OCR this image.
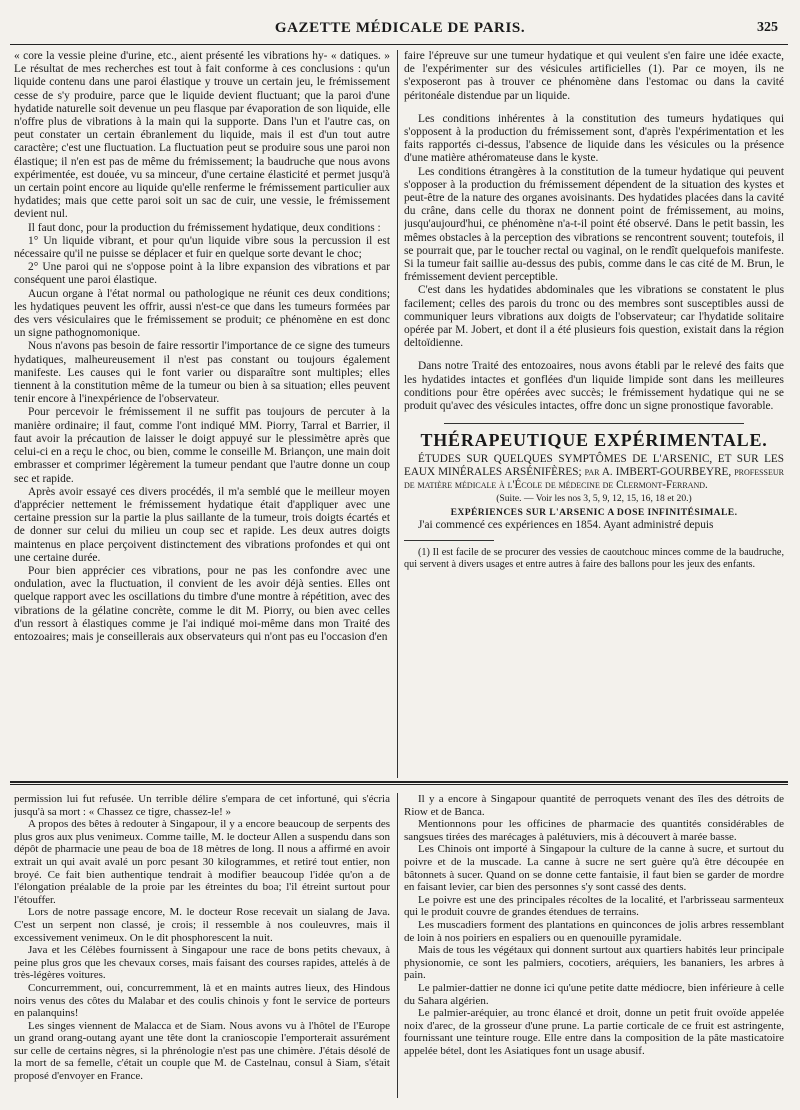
GAZETTE MÉDICALE DE PARIS.	325

« core la vessie pleine d'urine, etc., aient présenté les vibrations hy- « datiques. » Le résultat de mes recherches est tout à fait conforme à ces conclusions : qu'un liquide contenu dans une paroi élastique y trouve un certain jeu, le frémissement cesse de s'y produire, parce que le liquide devient fluctuant; que la paroi d'une hydatide naturelle soit devenue un peu flasque par évaporation de son liquide, elle n'offre plus de vibrations à la main qui la supporte. Dans l'un et l'autre cas, on peut constater un certain ébranlement du liquide, mais il est d'un tout autre caractère; c'est une fluctuation. La fluctuation peut se produire sous une paroi non élastique; il n'en est pas de même du frémissement; la baudruche que nous avons expérimentée, est douée, vu sa minceur, d'une certaine élasticité et permet jusqu'à un certain point encore au liquide qu'elle renferme le frémissement particulier aux hydatides; mais que cette paroi soit un sac de cuir, une vessie, le frémissement devient nul.

Il faut donc, pour la production du frémissement hydatique, deux conditions :

1° Un liquide vibrant, et pour qu'un liquide vibre sous la percussion il est nécessaire qu'il ne puisse se déplacer et fuir en quelque sorte devant le choc;

2° Une paroi qui ne s'oppose point à la libre expansion des vibrations et par conséquent une paroi élastique.

Aucun organe à l'état normal ou pathologique ne réunit ces deux conditions; les hydatiques peuvent les offrir, aussi n'est-ce que dans les tumeurs formées par des vers vésiculaires que le frémissement se produit; ce phénomène en est donc un signe pathognomonique.

Nous n'avons pas besoin de faire ressortir l'importance de ce signe des tumeurs hydatiques, malheureusement il n'est pas constant ou toujours également manifeste. Les causes qui le font varier ou disparaître sont multiples; elles tiennent à la constitution même de la tumeur ou bien à sa situation; elles peuvent tenir encore à l'inexpérience de l'observateur.

Pour percevoir le frémissement il ne suffit pas toujours de percuter à la manière ordinaire; il faut, comme l'ont indiqué MM. Piorry, Tarral et Barrier, il faut avoir la précaution de laisser le doigt appuyé sur le plessimètre après que celui-ci en a reçu le choc, ou bien, comme le conseille M. Briançon, une main doit embrasser et comprimer légèrement la tumeur pendant que l'autre donne un coup sec et rapide.

Après avoir essayé ces divers procédés, il m'a semblé que le meilleur moyen d'apprécier nettement le frémissement hydatique était d'appliquer avec une certaine pression sur la partie la plus saillante de la tumeur, trois doigts écartés et de donner sur celui du milieu un coup sec et rapide. Les deux autres doigts maintenus en place perçoivent distinctement des vibrations profondes et qui ont une certaine durée.

Pour bien apprécier ces vibrations, pour ne pas les confondre avec une ondulation, avec la fluctuation, il convient de les avoir déjà senties. Elles ont quelque rapport avec les oscillations du timbre d'une montre à répétition, avec des vibrations de la gélatine concrète, comme le dit M. Piorry, ou bien avec celles d'un ressort à élastiques comme je l'ai indiqué moi-même dans mon Traité des entozoaires; mais je conseillerais aux observateurs qui n'ont pas eu l'occasion d'en

faire l'épreuve sur une tumeur hydatique et qui veulent s'en faire une idée exacte, de l'expérimenter sur des vésicules artificielles (1). Par ce moyen, ils ne s'exposeront pas à trouver ce phénomène dans l'estomac ou dans la cavité péritonéale distendue par un liquide.

Les conditions inhérentes à la constitution des tumeurs hydatiques qui s'opposent à la production du frémissement sont, d'après l'expérimentation et les faits rapportés ci-dessus, l'absence de liquide dans les vésicules ou la présence d'une matière athéromateuse dans le kyste.

Les conditions étrangères à la constitution de la tumeur hydatique qui peuvent s'opposer à la production du frémissement dépendent de la situation des kystes et peut-être de la nature des organes avoisinants. Des hydatides placées dans la cavité du crâne, dans celle du thorax ne donnent point de frémissement, au moins, jusqu'aujourd'hui, ce phénomène n'a-t-il point été observé. Dans le petit bassin, les mêmes obstacles à la perception des vibrations se rencontrent souvent; toutefois, il se pourrait que, par le toucher rectal ou vaginal, on le rendît quelquefois manifeste. Si la tumeur fait saillie au-dessus des pubis, comme dans le cas cité de M. Brun, le frémissement devient perceptible.

C'est dans les hydatides abdominales que les vibrations se constatent le plus facilement; celles des parois du tronc ou des membres sont susceptibles aussi de communiquer leurs vibrations aux doigts de l'observateur; car l'hydatide solitaire opérée par M. Jobert, et dont il a été plusieurs fois question, existait dans la région deltoïdienne.

Dans notre Traité des entozoaires, nous avons établi par le relevé des faits que les hydatides intactes et gonflées d'un liquide limpide sont dans les meilleures conditions pour être opérées avec succès; le frémissement hydatique qui ne se produit qu'avec des vésicules intactes, offre donc un signe pronostique favorable.

THÉRAPEUTIQUE EXPÉRIMENTALE.

ÉTUDES SUR QUELQUES SYMPTÔMES DE L'ARSENIC, ET SUR LES EAUX MINÉRALES ARSÉNIFÈRES; par A. IMBERT-GOURBEYRE, professeur de matière médicale à l'École de médecine de Clermont-Ferrand.

(Suite. — Voir les nos 3, 5, 9, 12, 15, 16, 18 et 20.)

EXPÉRIENCES SUR L'ARSENIC A DOSE INFINITÉSIMALE.

J'ai commencé ces expériences en 1854. Ayant administré depuis

(1) Il est facile de se procurer des vessies de caoutchouc minces comme de la baudruche, qui servent à divers usages et entre autres à faire des ballons pour les jeux des enfants.

permission lui fut refusée. Un terrible délire s'empara de cet infortuné, qui s'écria jusqu'à sa mort : « Chassez ce tigre, chassez-le! »

A propos des bêtes à redouter à Singapour, il y a encore beaucoup de serpents des plus gros aux plus venimeux. Comme taille, M. le docteur Allen a suspendu dans son dépôt de pharmacie une peau de boa de 18 mètres de long. Il nous a affirmé en avoir extrait un qui avait avalé un porc pesant 30 kilogrammes, et retiré tout entier, non broyé. Ce fait bien authentique tendrait à modifier beaucoup l'idée qu'on a de l'élongation préalable de la proie par les étreintes du boa; l'il étreint surtout pour l'étouffer.

Lors de notre passage encore, M. le docteur Rose recevait un sialang de Java. C'est un serpent non classé, je crois; il ressemble à nos couleuvres, mais il excessivement venimeux. On le dit phosphorescent la nuit.

Java et les Célèbes fournissent à Singapour une race de bons petits chevaux, à peine plus gros que les chevaux corses, mais faisant des courses rapides, attelés à de très-légères voitures.

Concurremment, oui, concurremment, là et en maints autres lieux, des Hindous noirs venus des côtes du Malabar et des coulis chinois y font le service de porteurs en palanquins!

Les singes viennent de Malacca et de Siam. Nous avons vu à l'hôtel de l'Europe un grand orang-outang ayant une tête dont la cranioscopie l'emporterait assurément sur celle de certains nègres, si la phrénologie n'est pas une chimère. J'étais désolé de la mort de sa femelle, c'était un couple que M. de Castelnau, consul à Siam, s'était proposé d'envoyer en France.

Il y a encore à Singapour quantité de perroquets venant des îles des détroits de Riow et de Banca.

Mentionnons pour les officines de pharmacie des quantités considérables de sangsues tirées des marécages à palétuviers, mis à découvert à marée basse.

Les Chinois ont importé à Singapour la culture de la canne à sucre, et surtout du poivre et de la muscade. La canne à sucre ne sert guère qu'à être découpée en bâtonnets à sucer. Quand on se donne cette fantaisie, il faut bien se garder de mordre en faisant levier, car bien des personnes s'y sont cassé des dents.

Le poivre est une des principales récoltes de la localité, et l'arbrisseau sarmenteux qui le produit couvre de grandes étendues de terrains.

Les muscadiers forment des plantations en quinconces de jolis arbres ressemblant de loin à nos poiriers en espaliers ou en quenouille pyramidale.

Mais de tous les végétaux qui donnent surtout aux quartiers habités leur principale physionomie, ce sont les palmiers, cocotiers, aréquiers, les bananiers, les arbres à pain.

Le palmier-dattier ne donne ici qu'une petite datte médiocre, bien inférieure à celle du Sahara algérien.

Le palmier-aréquier, au tronc élancé et droit, donne un petit fruit ovoïde appelée noix d'arec, de la grosseur d'une prune. La partie corticale de ce fruit est astringente, fournissant une teinture rouge. Elle entre dans la composition de la pâte masticatoire appelée bétel, dont les Asiatiques font un usage abusif.
